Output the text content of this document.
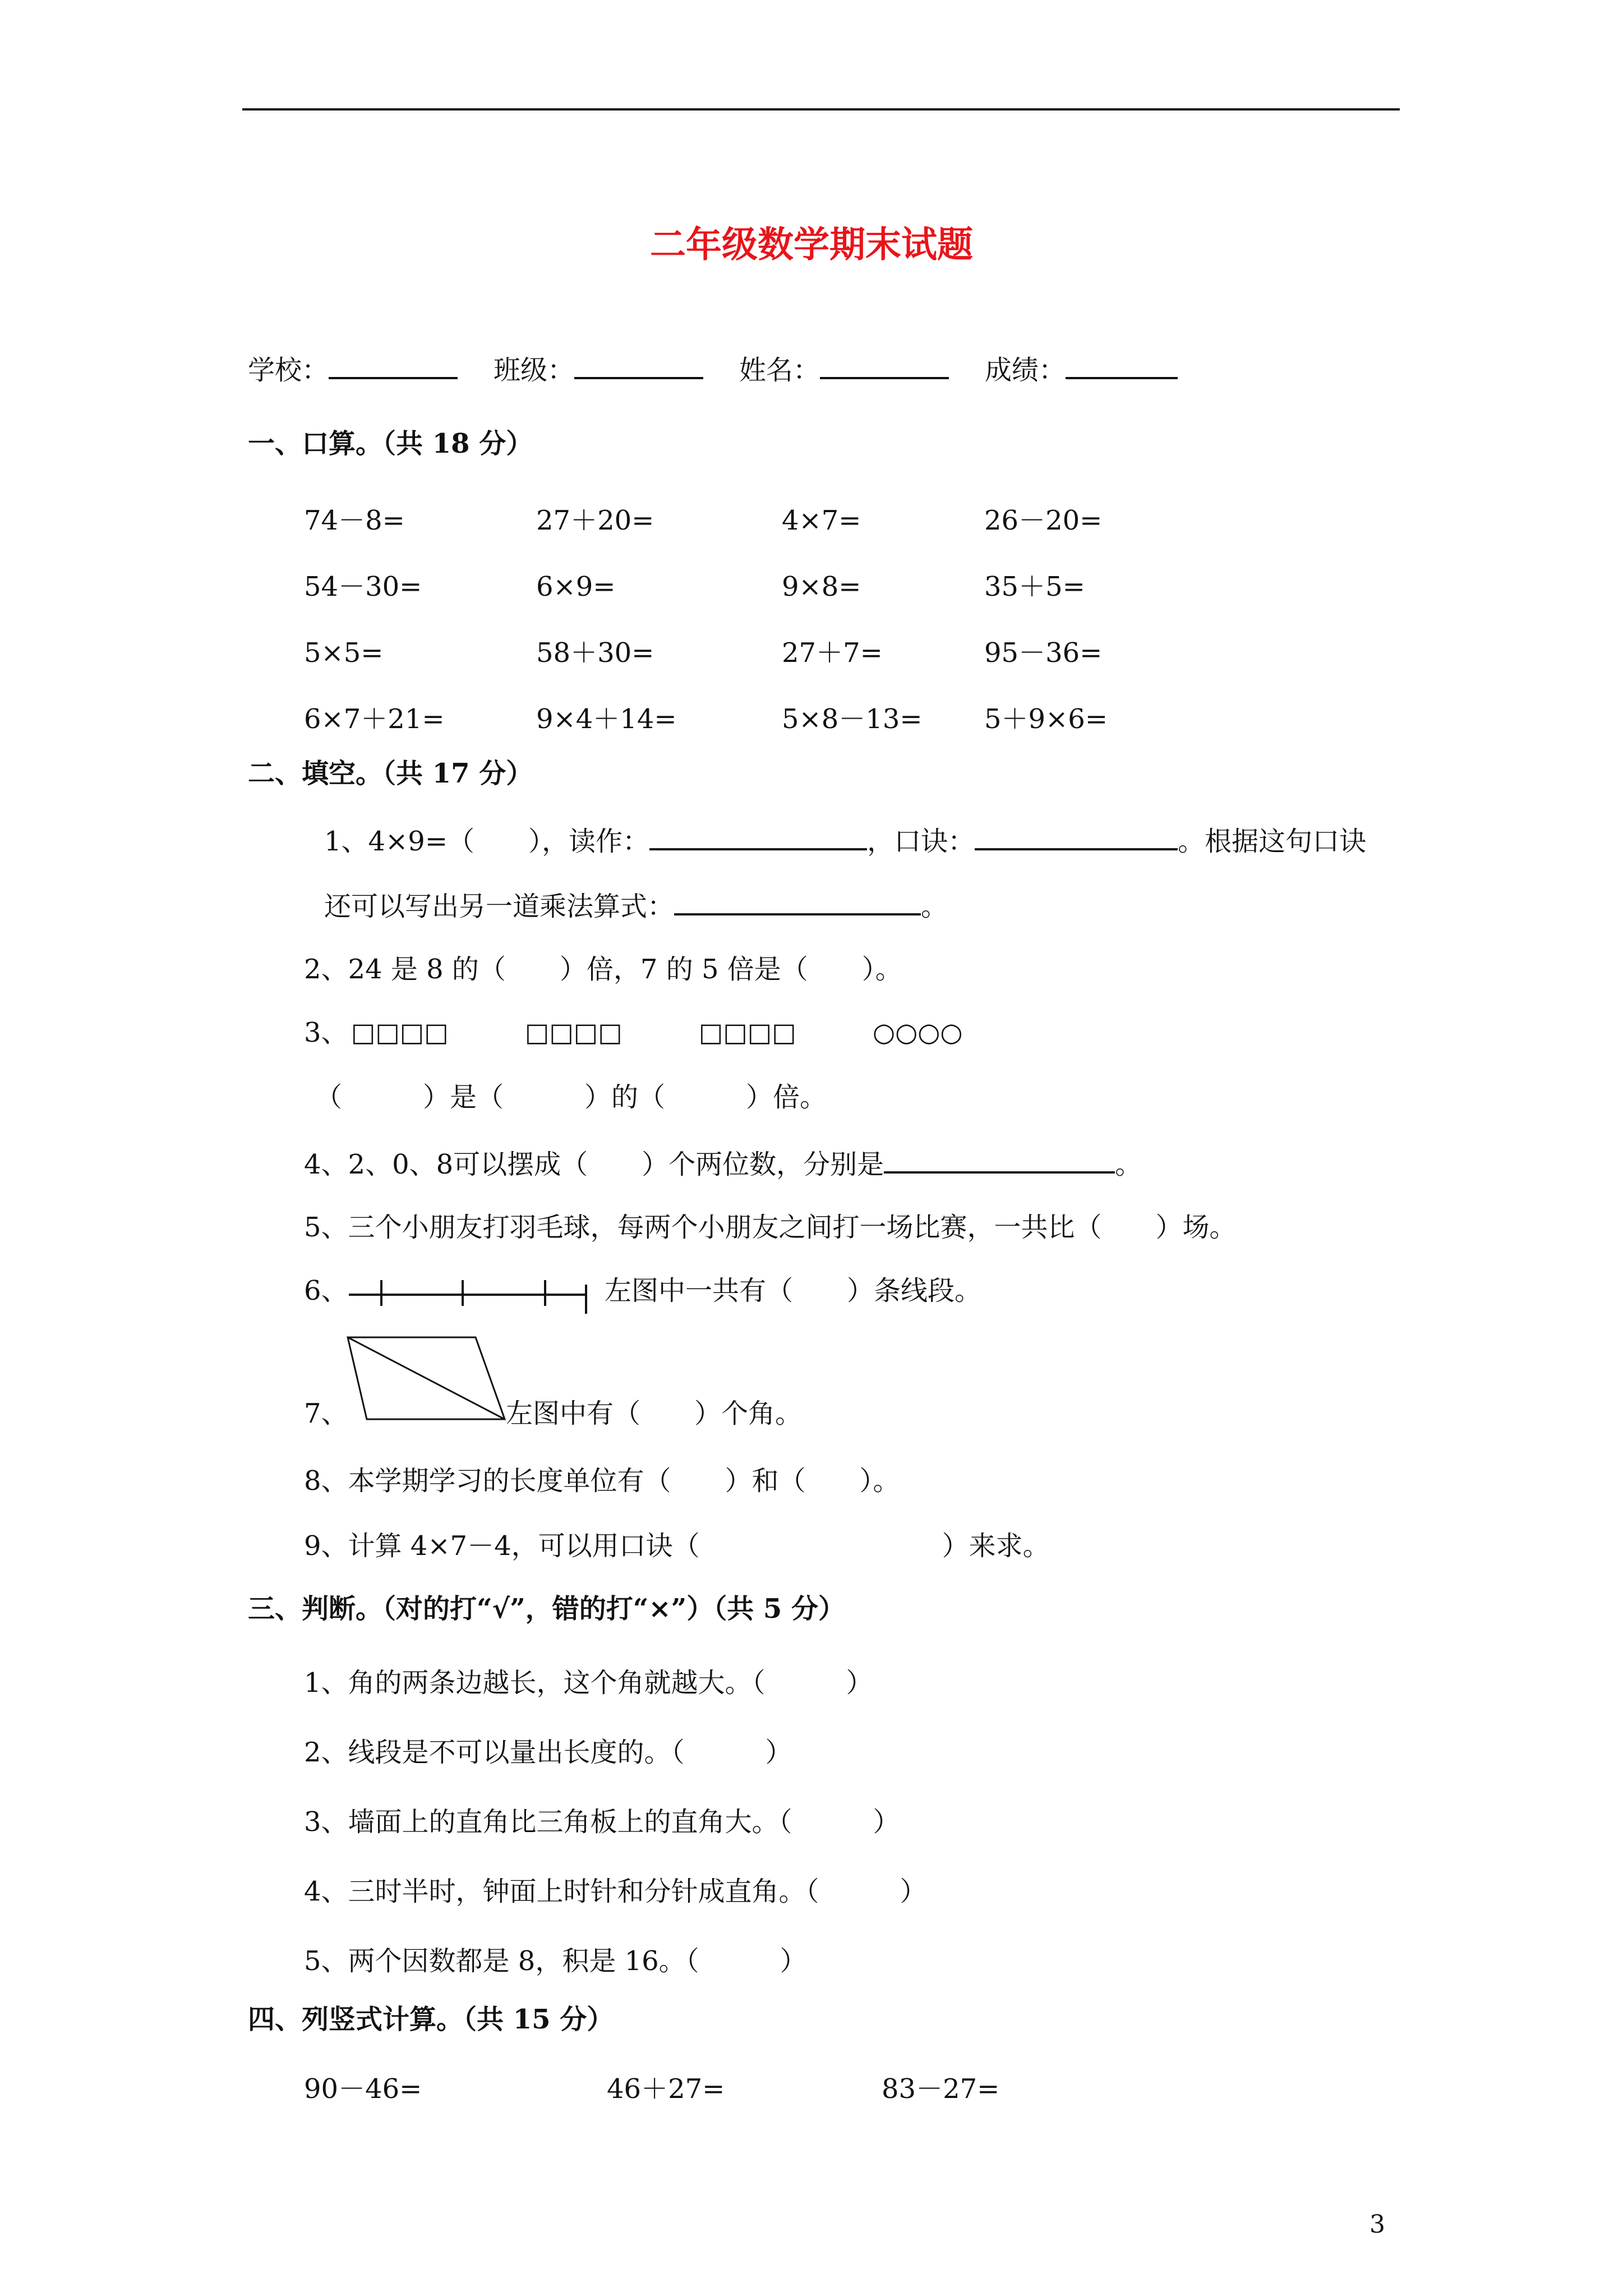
二年级数学期末试题
学校：	班级：	姓名：	成绩：
一、口算。（共 18 分）
74－8=	27＋20=	4×7=	26－20=
54－30=	6×9=	9×8=	35＋5=
5×5=	58＋30=	27＋7=	95－36=
6×7＋21=	9×4＋14=	5×8－13= 5＋9×6=
二、填空。（共 17 分）
1、4×9=（　　），读作：	，口诀：	。根据这句口诀
还可以写出另一道乘法算式：	。
2、24 是 8 的（　　）倍，7 的 5 倍是（　　）。
3、 □□□□	□□□□	□□□□	○○○○
（　　　）是（　　　）的（　　　）倍。
4、2、0、8可以摆成（　　）个两位数，分别是	。
5、三个小朋友打羽毛球，每两个小朋友之间打一场比赛，一共比（　　）场。
6、	左图中一共有（　　）条线段。
7、	左图中有（　　）个角。
8、本学期学习的长度单位有（　　）和（　　）。
9、计算 4×7－4，可以用口诀（　　　　　　　　　）来求。
三、判断。（对的打“√”，错的打“×”）（共 5 分）
1、角的两条边越长，这个角就越大。（　　　）
2、线段是不可以量出长度的。（　　　）
3、墙面上的直角比三角板上的直角大。（　　　）
4、三时半时，钟面上时针和分针成直角。（　　　）
5、两个因数都是 8，积是 16。（　　　）
四、列竖式计算。（共 15 分）
90－46=	46＋27=	83－27=
3
